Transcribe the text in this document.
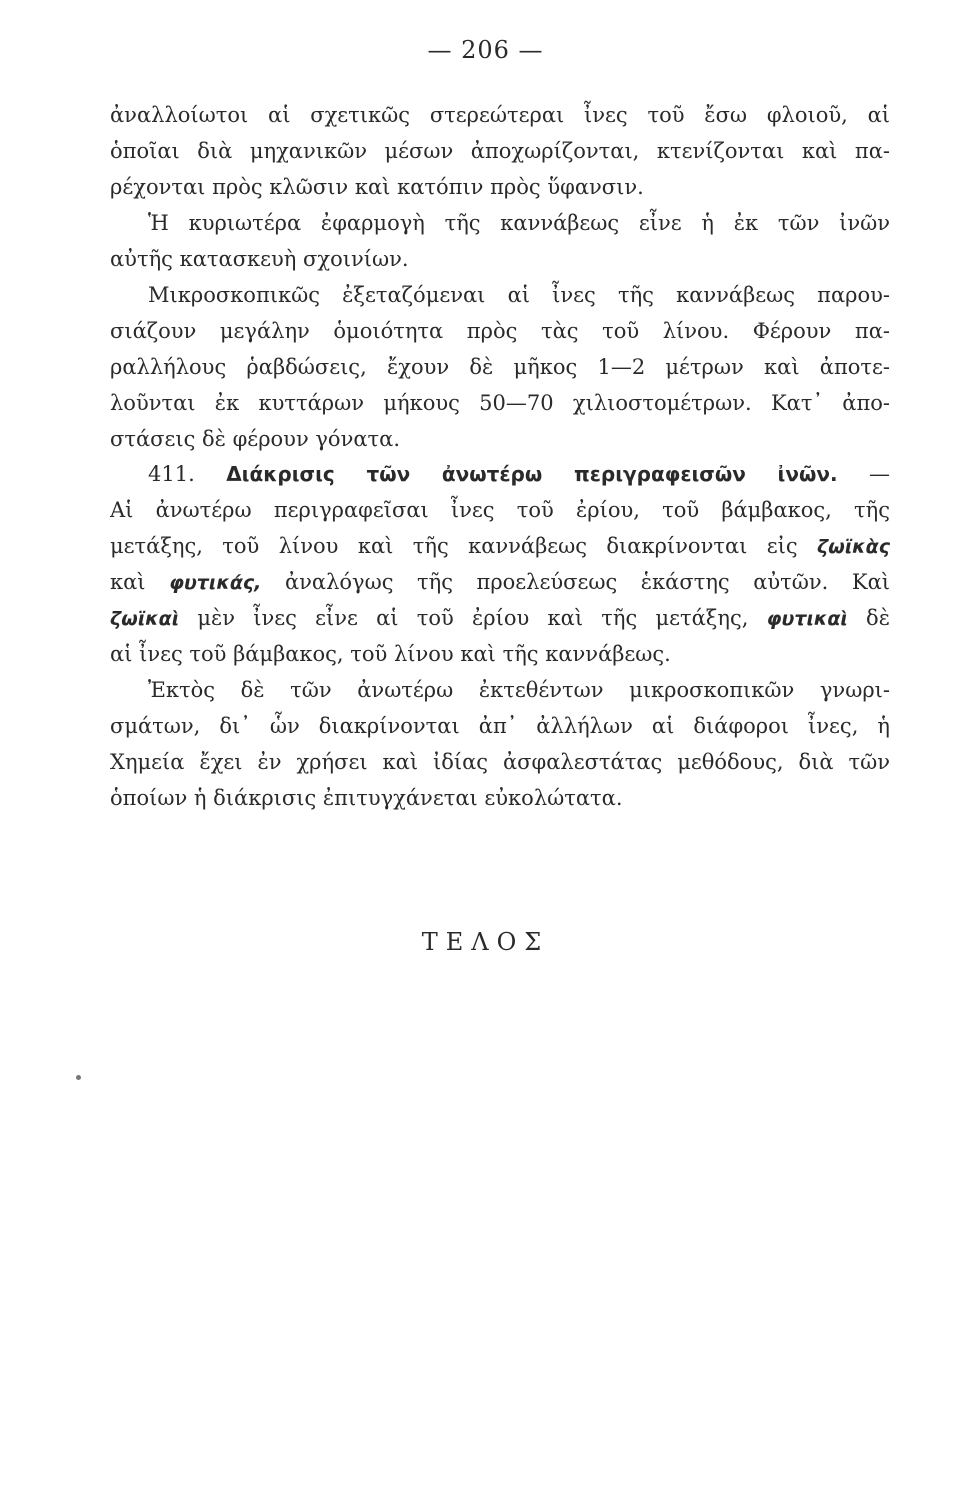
— 206 —
ἀναλλοίωτοι αἱ σχετικῶς στερεώτεραι ἶνες τοῦ ἔσω φλοιοῦ, αἱ
ὁποῖαι διὰ μηχανικῶν μέσων ἀποχωρίζονται, κτενίζονται καὶ πα-
ρέχονται πρὸς κλῶσιν καὶ κατόπιν πρὸς ὕφανσιν.
Ἡ κυριωτέρα ἐφαρμογὴ τῆς καννάβεως εἶνε ἡ ἐκ τῶν ἰνῶν
αὐτῆς κατασκευὴ σχοινίων.
Μικροσκοπικῶς ἐξεταζόμεναι αἱ ἶνες τῆς καννάβεως παρου-
σιάζουν μεγάλην ὁμοιότητα πρὸς τὰς τοῦ λίνου. Φέρουν πα-
ραλλήλους ῥαβδώσεις, ἔχουν δὲ μῆκος 1—2 μέτρων καὶ ἀποτε-
λοῦνται ἐκ κυττάρων μήκους 50—70 χιλιοστομέτρων. Κατ᾽ ἀπο-
στάσεις δὲ φέρουν γόνατα.
411. Διάκρισις τῶν ἀνωτέρω περιγραφεισῶν ἰνῶν. —
Αἱ ἀνωτέρω περιγραφεῖσαι ἶνες τοῦ ἐρίου, τοῦ βάμβακος, τῆς
μετάξης, τοῦ λίνου καὶ τῆς καννάβεως διακρίνονται εἰς ζωϊκὰς
καὶ φυτικάς, ἀναλόγως τῆς προελεύσεως ἑκάστης αὐτῶν. Καὶ
ζωϊκαὶ μὲν ἶνες εἶνε αἱ τοῦ ἐρίου καὶ τῆς μετάξης, φυτικαὶ δὲ
αἱ ἶνες τοῦ βάμβακος, τοῦ λίνου καὶ τῆς καννάβεως.
Ἐκτὸς δὲ τῶν ἀνωτέρω ἐκτεθέντων μικροσκοπικῶν γνωρι-
σμάτων, δι᾽ ὧν διακρίνονται ἀπ᾽ ἀλλήλων αἱ διάφοροι ἶνες, ἡ
Χημεία ἔχει ἐν χρήσει καὶ ἰδίας ἀσφαλεστάτας μεθόδους, διὰ τῶν
ὁποίων ἡ διάκρισις ἐπιτυγχάνεται εὐκολώτατα.
ΤΕΛΟΣ
